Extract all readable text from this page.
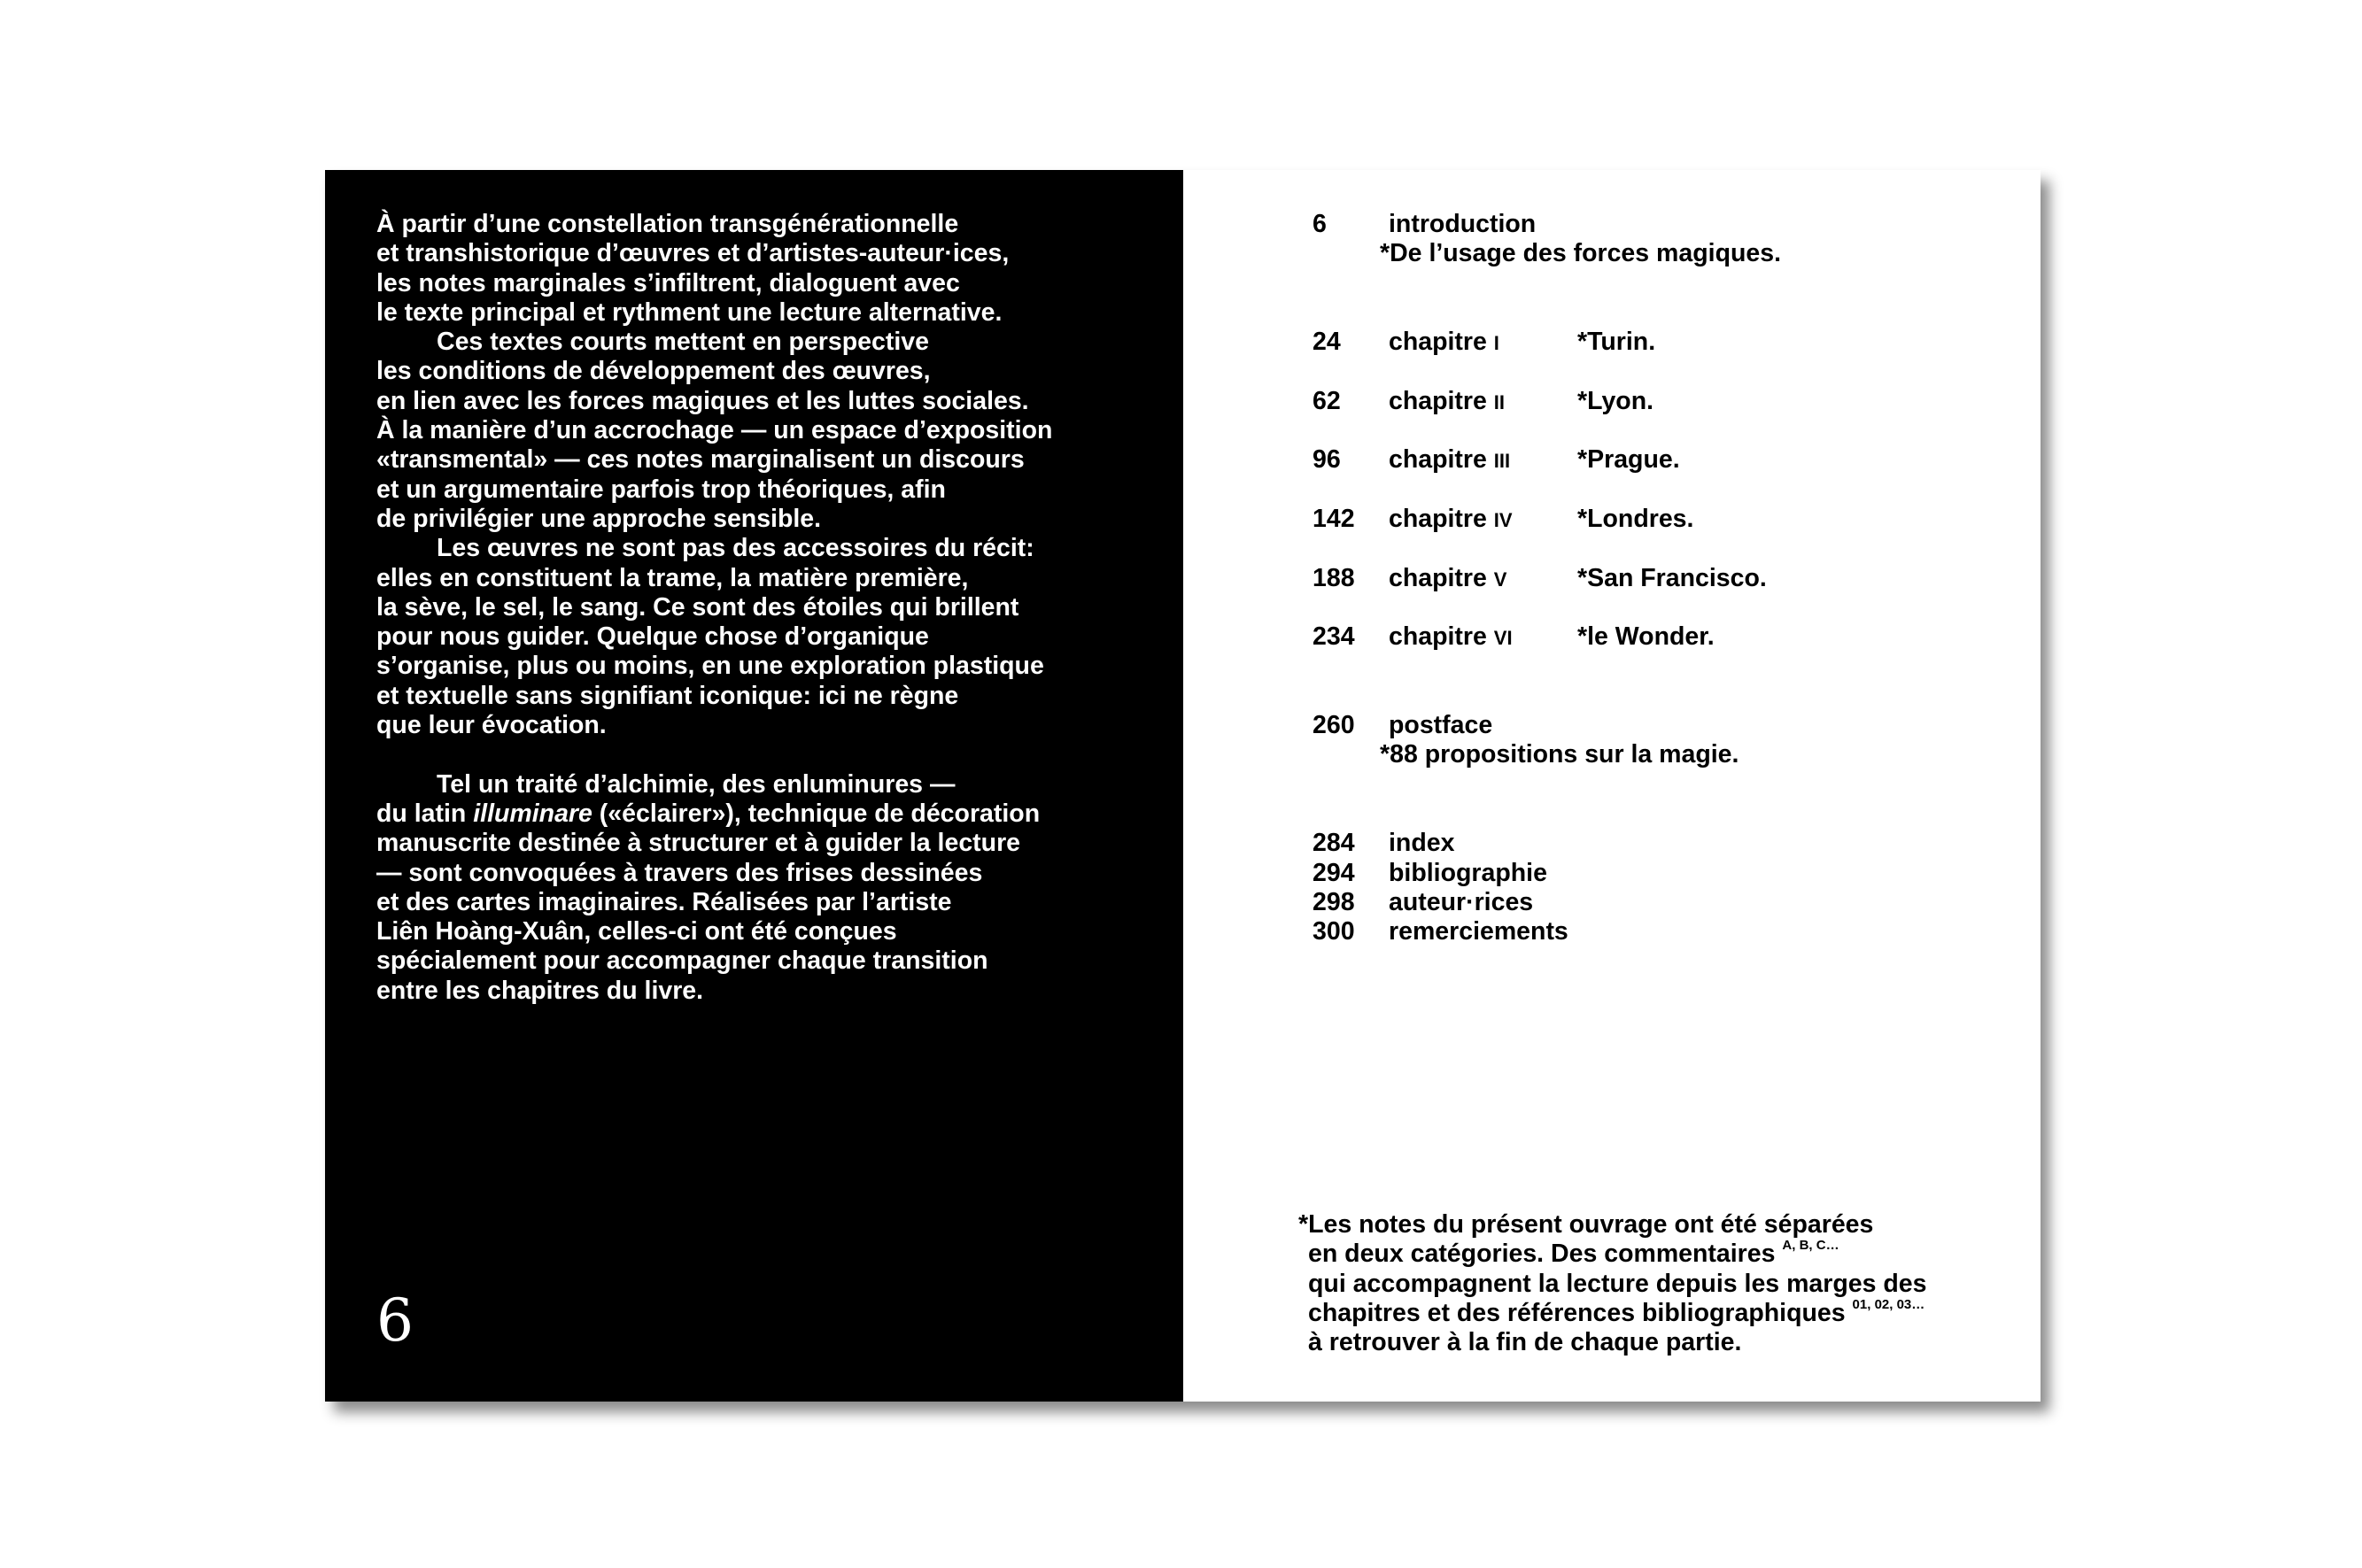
À partir d’une constellation transgénérationnelle
et transhistorique d’œuvres et d’artistes-auteur·ices,
les notes marginales s’infiltrent, dialoguent avec
le texte principal et rythment une lecture alternative.
Ces textes courts mettent en perspective
les conditions de développement des œuvres,
en lien avec les forces magiques et les luttes sociales.
À la manière d’un accrochage — un espace d’exposition
«transmental» — ces notes marginalisent un discours
et un argumentaire parfois trop théoriques, afin
de privilégier une approche sensible.
Les œuvres ne sont pas des accessoires du récit:
elles en constituent la trame, la matière première,
la sève, le sel, le sang. Ce sont des étoiles qui brillent
pour nous guider. Quelque chose d’organique
s’organise, plus ou moins, en une exploration plastique
et textuelle sans signifiant iconique: ici ne règne
que leur évocation.
Tel un traité d’alchimie, des enluminures —
du latin illuminare («éclairer»), technique de décoration
manuscrite destinée à structurer et à guider la lecture
— sont convoquées à travers des frises dessinées
et des cartes imaginaires. Réalisées par l’artiste
Liên Hoàng-Xuân, celles-ci ont été conçues
spécialement pour accompagner chaque transition
entre les chapitres du livre.
6
6 introduction
*De l’usage des forces magiques.
24 chapitre I	*Turin.
62 chapitre II	*Lyon.
96 chapitre III	*Prague.
142 chapitre IV	*Londres.
188 chapitre V	*San Francisco.
234 chapitre VI	*le Wonder.
260 postface
*88 propositions sur la magie.
284 index
294 bibliographie
298 auteur·rices
300 remerciements
*Les notes du présent ouvrage ont été séparées
en deux catégories. Des commentaires $^{A, B, C\dots}$
qui accompagnent la lecture depuis les marges des
chapitres et des références bibliographiques $^{01, 02, 03\dots}$
à retrouver à la fin de chaque partie.
